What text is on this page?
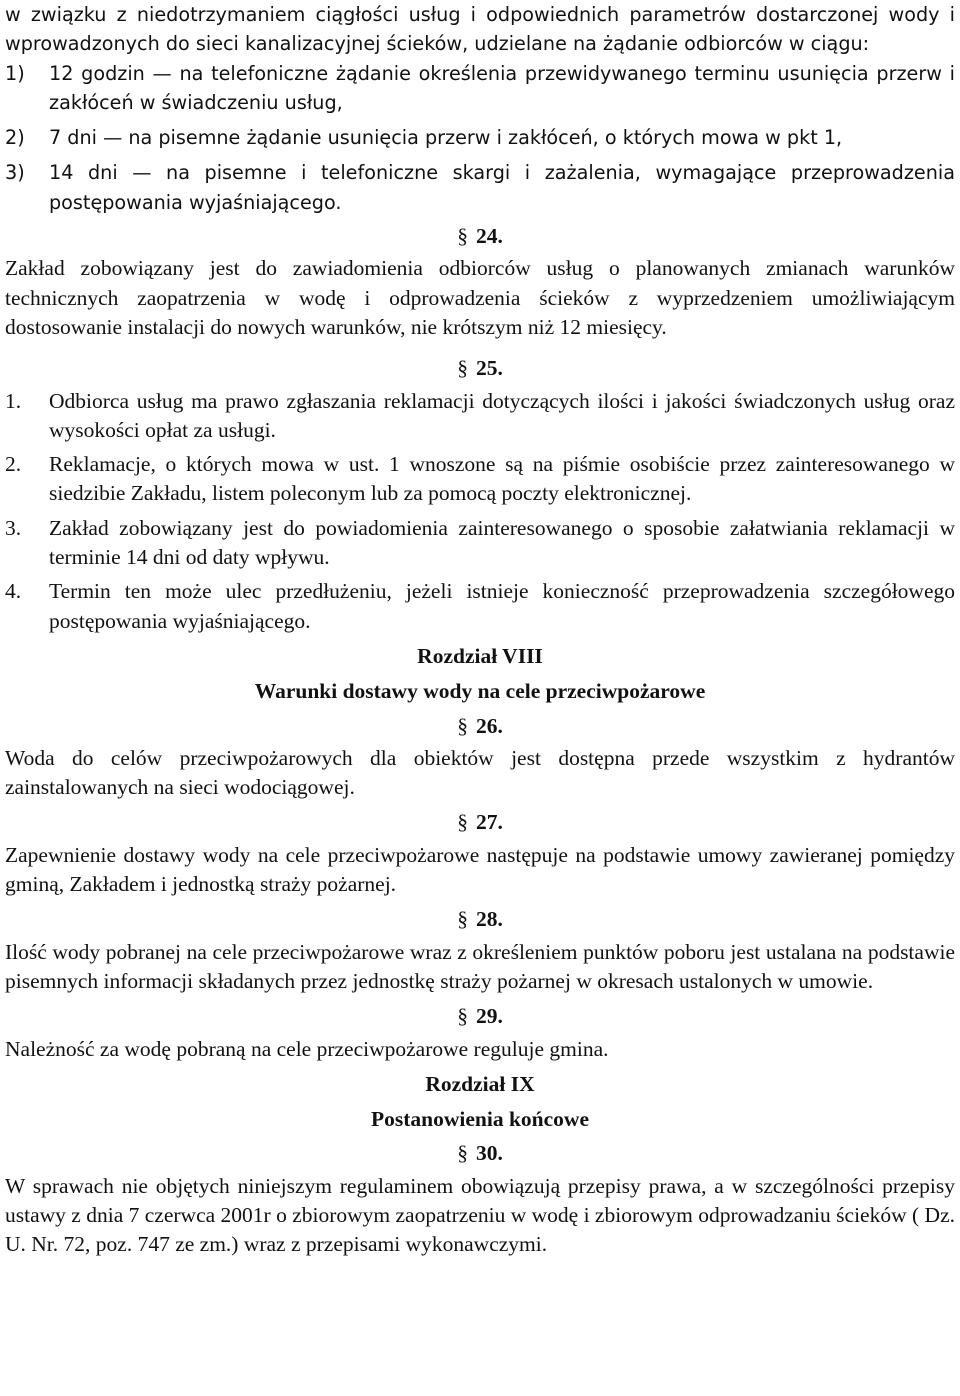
w związku z niedotrzymaniem ciągłości usług i odpowiednich parametrów dostarczonej wody i wprowadzonych do sieci kanalizacyjnej ścieków, udzielane na żądanie odbiorców w ciągu:
1)	12 godzin — na telefoniczne żądanie określenia przewidywanego terminu usunięcia przerw i zakłóceń w świadczeniu usług,
2)	7 dni — na pisemne żądanie usunięcia przerw i zakłóceń, o których mowa w pkt 1,
3)	14 dni — na pisemne i telefoniczne skargi i zażalenia, wymagające przeprowadzenia postępowania wyjaśniającego.
§ 24.
Zakład zobowiązany jest do zawiadomienia odbiorców usług o planowanych zmianach warunków technicznych zaopatrzenia w wodę i odprowadzenia ścieków z wyprzedzeniem umożliwiającym dostosowanie instalacji do nowych warunków, nie krótszym niż 12 miesięcy.
§ 25.
1.	Odbiorca usług ma prawo zgłaszania reklamacji dotyczących ilości i jakości świadczonych usług oraz wysokości opłat za usługi.
2.	Reklamacje, o których mowa w ust. 1 wnoszone są na piśmie osobiście przez zainteresowanego w siedzibie Zakładu, listem poleconym lub za pomocą poczty elektronicznej.
3.	Zakład zobowiązany jest do powiadomienia zainteresowanego o sposobie załatwiania reklamacji w terminie 14 dni od daty wpływu.
4.	Termin ten może ulec przedłużeniu, jeżeli istnieje konieczność przeprowadzenia szczegółowego postępowania wyjaśniającego.
Rozdział VIII
Warunki dostawy wody na cele przeciwpożarowe
§ 26.
Woda do celów przeciwpożarowych dla obiektów jest dostępna przede wszystkim z hydrantów zainstalowanych na sieci wodociągowej.
§ 27.
Zapewnienie dostawy wody na cele przeciwpożarowe następuje na podstawie umowy zawieranej pomiędzy gminą, Zakładem i jednostką straży pożarnej.
§ 28.
Ilość wody pobranej na cele przeciwpożarowe wraz z określeniem punktów poboru jest ustalana na podstawie pisemnych informacji składanych przez jednostkę straży pożarnej w okresach ustalonych w umowie.
§ 29.
Należność za wodę pobraną na cele przeciwpożarowe reguluje gmina.
Rozdział IX
Postanowienia końcowe
§ 30.
W sprawach nie objętych niniejszym regulaminem obowiązują przepisy prawa, a w szczególności przepisy ustawy z dnia 7 czerwca 2001r o zbiorowym zaopatrzeniu w wodę i zbiorowym odprowadzaniu ścieków ( Dz. U. Nr. 72, poz. 747 ze zm.) wraz z przepisami wykonawczymi.
